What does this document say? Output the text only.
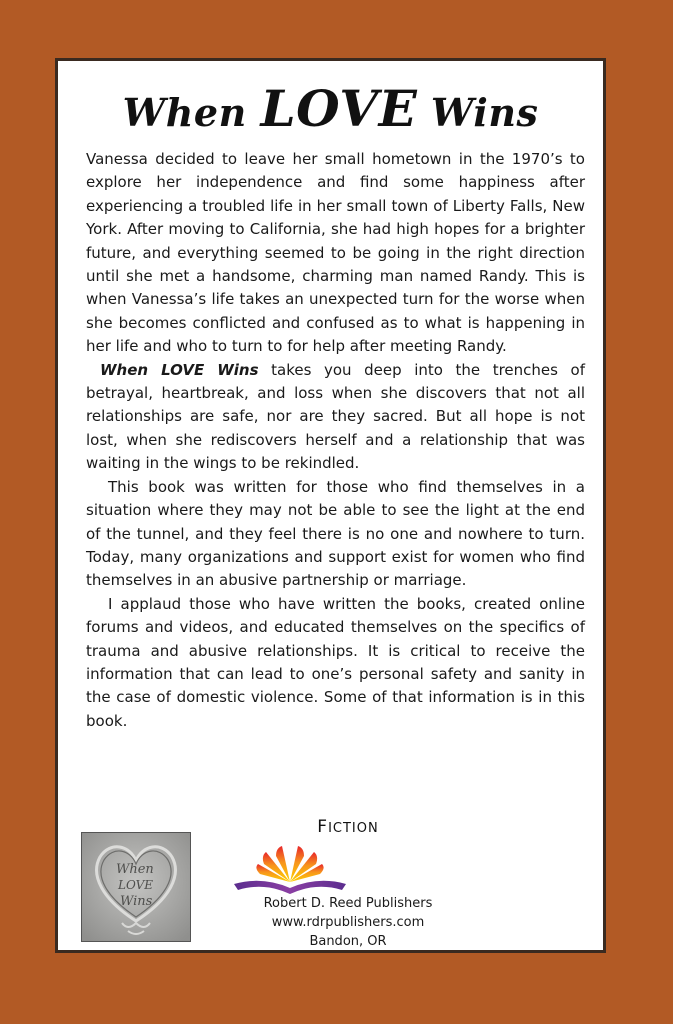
When LOVE Wins

Vanessa decided to leave her small hometown in the 1970’s to explore her independence and find some happiness after experiencing a troubled life in her small town of Liberty Falls, New York. After moving to California, she had high hopes for a brighter future, and everything seemed to be going in the right direction until she met a handsome, charming man named Randy. This is when Vanessa’s life takes an unexpected turn for the worse when she becomes conflicted and confused as to what is happening in her life and who to turn to for help after meeting Randy.

When LOVE Wins takes you deep into the trenches of betrayal, heartbreak, and loss when she discovers that not all relationships are safe, nor are they sacred. But all hope is not lost, when she rediscovers herself and a relationship that was waiting in the wings to be rekindled.

This book was written for those who find themselves in a situation where they may not be able to see the light at the end of the tunnel, and they feel there is no one and nowhere to turn. Today, many organizations and support exist for women who find themselves in an abusive partnership or marriage.

I applaud those who have written the books, created online forums and videos, and educated themselves on the specifics of trauma and abusive relationships. It is critical to receive the information that can lead to one’s personal safety and sanity in the case of domestic violence. Some of that information is in this book.

When
LOVE
Wins
FICTION
Robert D. Reed Publishers
www.rdrpublishers.com
Bandon, OR
